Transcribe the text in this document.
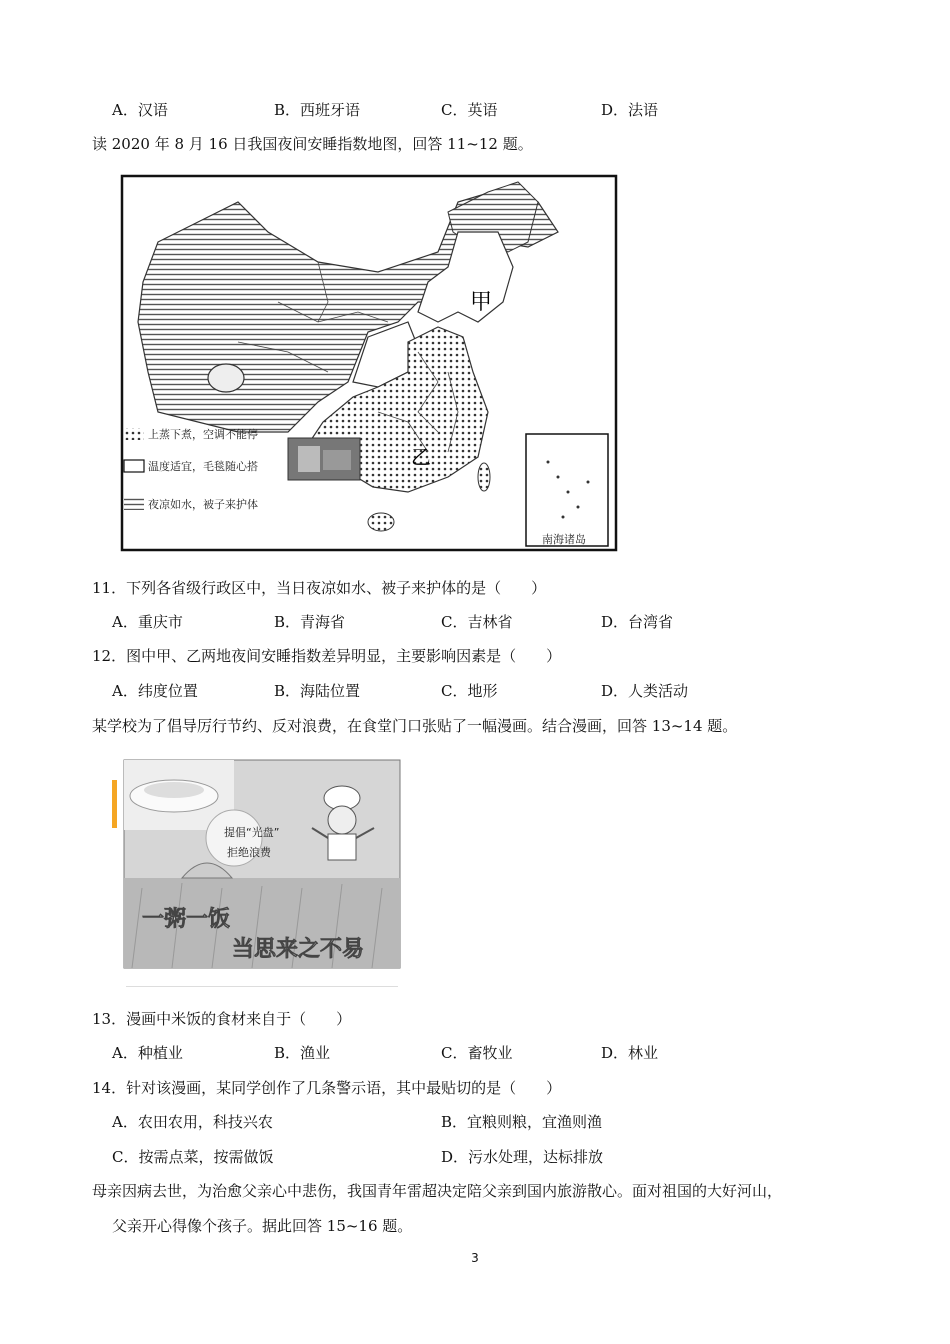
A．汉语	B．西班牙语	C．英语	D．法语
读 2020 年 8 月 16 日我国夜间安睡指数地图，回答 11~12 题。
南海诸岛
甲
乙
上蒸下煮，空调不能停
温度适宜，毛毯随心搭
夜凉如水，被子来护体
11．下列各省级行政区中，当日夜凉如水、被子来护体的是（　　）
A．重庆市	B．青海省	C．吉林省	D．台湾省
12．图中甲、乙两地夜间安睡指数差异明显，主要影响因素是（　　）
A．纬度位置	B．海陆位置	C．地形	D．人类活动
某学校为了倡导厉行节约、反对浪费，在食堂门口张贴了一幅漫画。结合漫画，回答 13~14 题。
提倡“光盘”
拒绝浪费
一粥一饭
当思来之不易
13．漫画中米饭的食材来自于（　　）
A．种植业	B．渔业	C．畜牧业	D．林业
14．针对该漫画，某同学创作了几条警示语，其中最贴切的是（　　）
A．农田农用，科技兴农	B．宜粮则粮，宜渔则渔
C．按需点菜，按需做饭	D．污水处理，达标排放
母亲因病去世，为治愈父亲心中悲伤，我国青年雷超决定陪父亲到国内旅游散心。面对祖国的大好河山，
父亲开心得像个孩子。据此回答 15~16 题。
3
